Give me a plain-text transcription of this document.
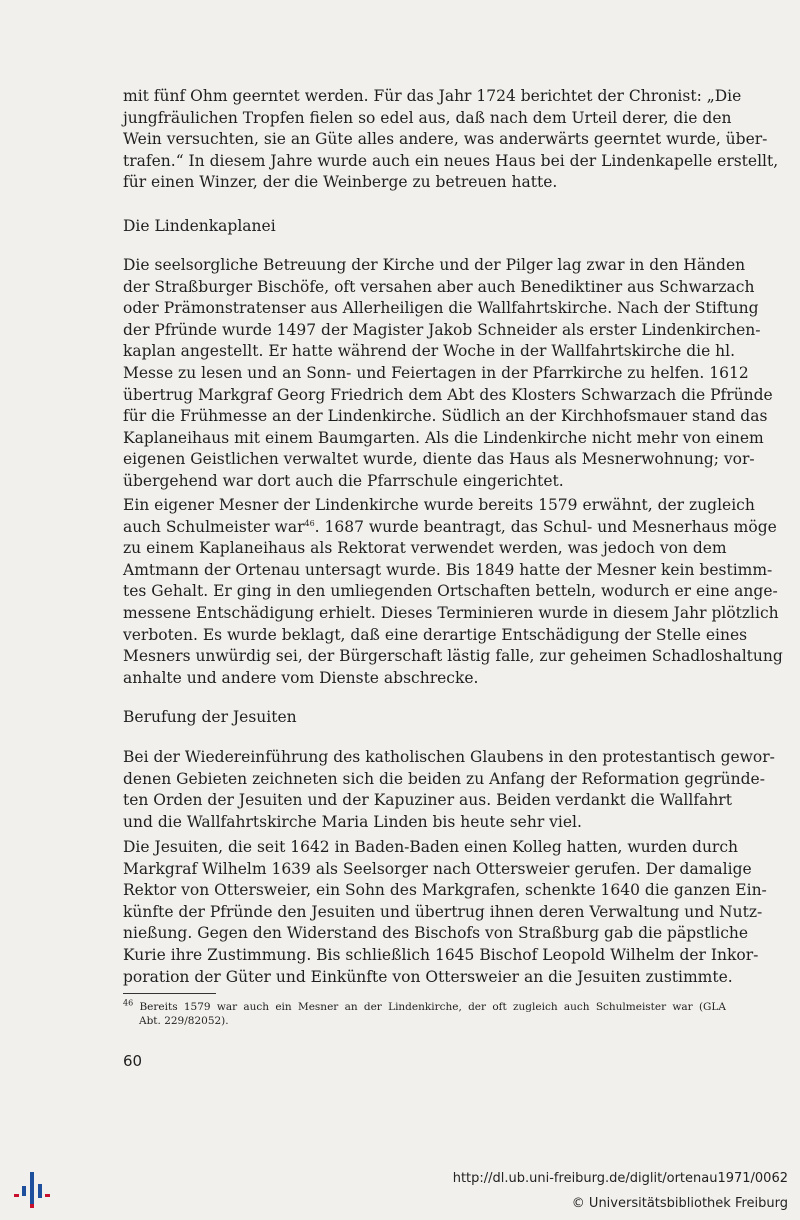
mit fünf Ohm geerntet werden. Für das Jahr 1724 berichtet der Chronist: „Die
jungfräulichen Tropfen fielen so edel aus, daß nach dem Urteil derer, die den
Wein versuchten, sie an Güte alles andere, was anderwärts geerntet wurde, über-
trafen.“ In diesem Jahre wurde auch ein neues Haus bei der Lindenkapelle erstellt,
für einen Winzer, der die Weinberge zu betreuen hatte.
Die Lindenkaplanei
Die seelsorgliche Betreuung der Kirche und der Pilger lag zwar in den Händen
der Straßburger Bischöfe, oft versahen aber auch Benediktiner aus Schwarzach
oder Prämonstratenser aus Allerheiligen die Wallfahrtskirche. Nach der Stiftung
der Pfründe wurde 1497 der Magister Jakob Schneider als erster Lindenkirchen-
kaplan angestellt. Er hatte während der Woche in der Wallfahrtskirche die hl.
Messe zu lesen und an Sonn- und Feiertagen in der Pfarrkirche zu helfen. 1612
übertrug Markgraf Georg Friedrich dem Abt des Klosters Schwarzach die Pfründe
für die Frühmesse an der Lindenkirche. Südlich an der Kirchhofsmauer stand das
Kaplaneihaus mit einem Baumgarten. Als die Lindenkirche nicht mehr von einem
eigenen Geistlichen verwaltet wurde, diente das Haus als Mesnerwohnung; vor-
übergehend war dort auch die Pfarrschule eingerichtet.
Ein eigener Mesner der Lindenkirche wurde bereits 1579 erwähnt, der zugleich
auch Schulmeister war$^{46}$. 1687 wurde beantragt, das Schul- und Mesnerhaus möge
zu einem Kaplaneihaus als Rektorat verwendet werden, was jedoch von dem
Amtmann der Ortenau untersagt wurde. Bis 1849 hatte der Mesner kein bestimm-
tes Gehalt. Er ging in den umliegenden Ortschaften betteln, wodurch er eine ange-
messene Entschädigung erhielt. Dieses Terminieren wurde in diesem Jahr plötzlich
verboten. Es wurde beklagt, daß eine derartige Entschädigung der Stelle eines
Mesners unwürdig sei, der Bürgerschaft lästig falle, zur geheimen Schadloshaltung
anhalte und andere vom Dienste abschrecke.
Berufung der Jesuiten
Bei der Wiedereinführung des katholischen Glaubens in den protestantisch gewor-
denen Gebieten zeichneten sich die beiden zu Anfang der Reformation gegründe-
ten Orden der Jesuiten und der Kapuziner aus. Beiden verdankt die Wallfahrt
und die Wallfahrtskirche Maria Linden bis heute sehr viel.
Die Jesuiten, die seit 1642 in Baden-Baden einen Kolleg hatten, wurden durch
Markgraf Wilhelm 1639 als Seelsorger nach Ottersweier gerufen. Der damalige
Rektor von Ottersweier, ein Sohn des Markgrafen, schenkte 1640 die ganzen Ein-
künfte der Pfründe den Jesuiten und übertrug ihnen deren Verwaltung und Nutz-
nießung. Gegen den Widerstand des Bischofs von Straßburg gab die päpstliche
Kurie ihre Zustimmung. Bis schließlich 1645 Bischof Leopold Wilhelm der Inkor-
poration der Güter und Einkünfte von Ottersweier an die Jesuiten zustimmte.
$^{46}$ Bereits 1579 war auch ein Mesner an der Lindenkirche, der oft zugleich auch Schulmeister war (GLA
Abt. 229/82052).
60
http://dl.ub.uni-freiburg.de/diglit/ortenau1971/0062
© Universitätsbibliothek Freiburg
